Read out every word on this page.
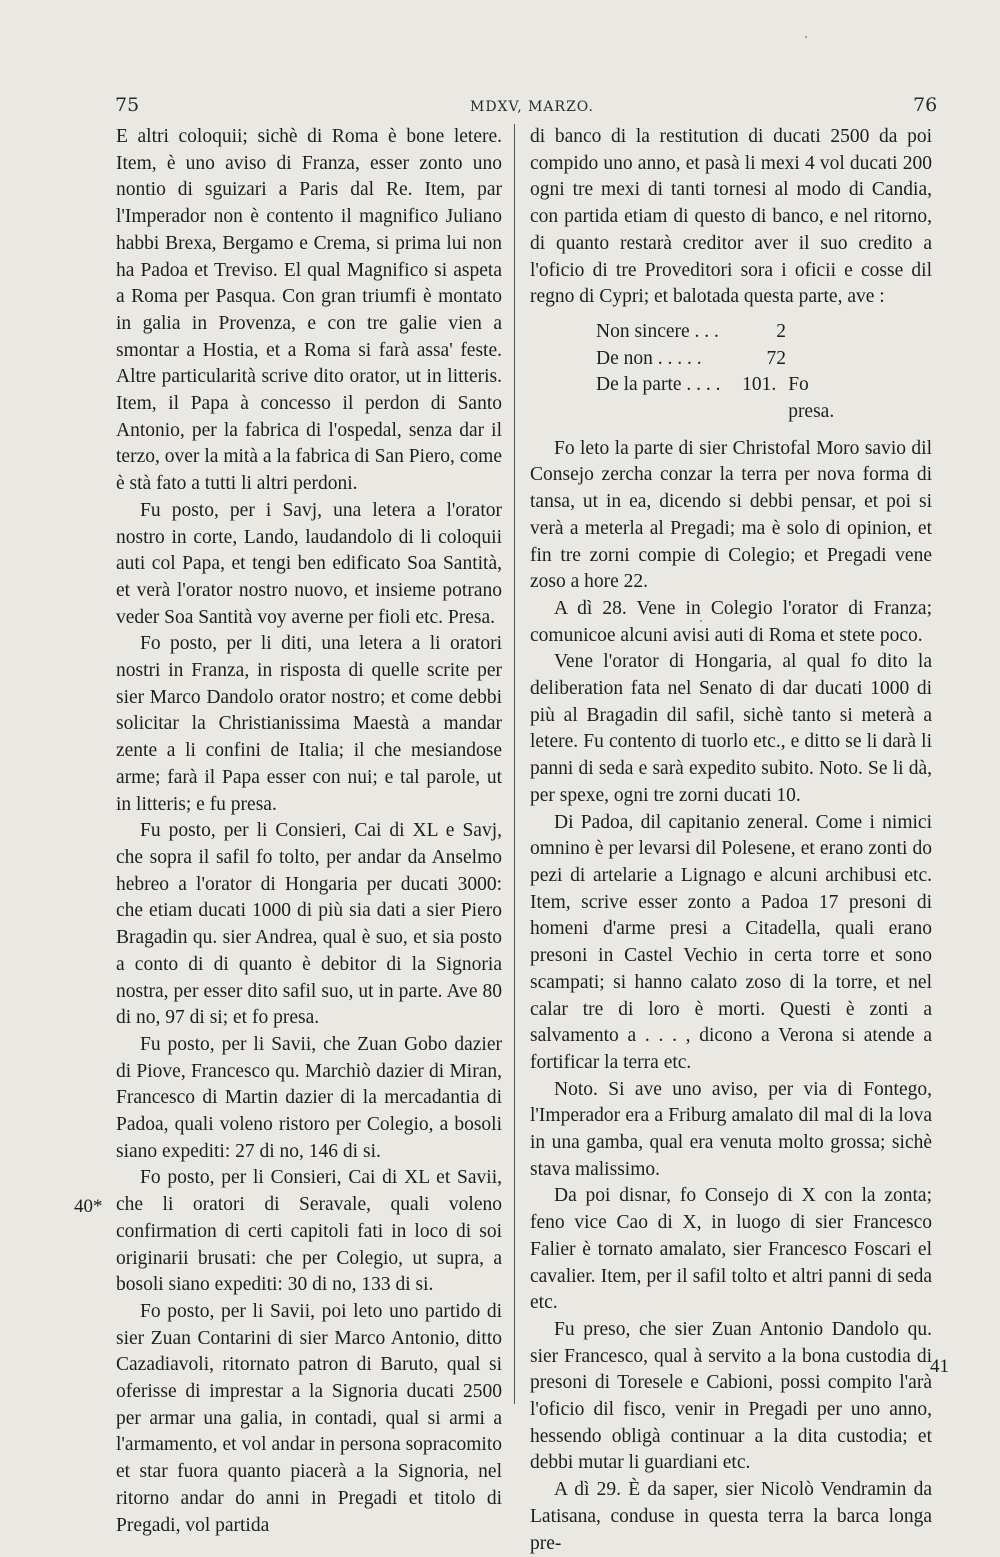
75	MDXV, MARZO.	76

E altri coloquii; sichè di Roma è bone letere. Item, è uno aviso di Franza, esser zonto uno nontio di sguizari a Paris dal Re. Item, par l'Imperador non è contento il magnifico Juliano habbi Brexa, Bergamo e Crema, si prima lui non ha Padoa et Treviso. El qual Magnifico si aspeta a Roma per Pasqua. Con gran triumfi è montato in galia in Provenza, e con tre galie vien a smontar a Hostia, et a Roma si farà assa' feste. Altre particularità scrive dito orator, ut in litteris. Item, il Papa à concesso il perdon di Santo Antonio, per la fabrica di l'ospedal, senza dar il terzo, over la mità a la fabrica di San Piero, come è stà fato a tutti li altri perdoni.

Fu posto, per i Savj, una letera a l'orator nostro in corte, Lando, laudandolo di li coloquii auti col Papa, et tengi ben edificato Soa Santità, et verà l'orator nostro nuovo, et insieme potrano veder Soa Santità voy averne per fioli etc. Presa.

Fo posto, per li diti, una letera a li oratori nostri in Franza, in risposta di quelle scrite per sier Marco Dandolo orator nostro; et come debbi solicitar la Christianissima Maestà a mandar zente a li confini de Italia; il che mesiandose arme; farà il Papa esser con nui; e tal parole, ut in litteris; e fu presa.

Fu posto, per li Consieri, Cai di XL e Savj, che sopra il safil fo tolto, per andar da Anselmo hebreo a l'orator di Hongaria per ducati 3000: che etiam ducati 1000 di più sia dati a sier Piero Bragadin qu. sier Andrea, qual è suo, et sia posto a conto di di quanto è debitor di la Signoria nostra, per esser dito safil suo, ut in parte. Ave 80 di no, 97 di si; et fo presa.

Fu posto, per li Savii, che Zuan Gobo dazier di Piove, Francesco qu. Marchiò dazier di Miran, Francesco di Martin dazier di la mercadantia di Padoa, quali voleno ristoro per Colegio, a bosoli siano expediti: 27 di no, 146 di si.

Fo posto, per li Consieri, Cai di XL et Savii, che li oratori di Seravale, quali voleno confirmation di certi capitoli fati in loco di soi originarii brusati: che per Colegio, ut supra, a bosoli siano expediti: 30 di no, 133 di si.

Fo posto, per li Savii, poi leto uno partido di sier Zuan Contarini di sier Marco Antonio, ditto Cazadiavoli, ritornato patron di Baruto, qual si oferisse di imprestar a la Signoria ducati 2500 per armar una galia, in contadi, qual si armi a l'armamento, et vol andar in persona sopracomito et star fuora quanto piacerà a la Signoria, nel ritorno andar do anni in Pregadi et titolo di Pregadi, vol partida

di banco di la restitution di ducati 2500 da poi compido uno anno, et pasà li mexi 4 vol ducati 200 ogni tre mexi di tanti tornesi al modo di Candia, con partida etiam di questo di banco, e nel ritorno, di quanto restarà creditor aver il suo credito a l'oficio di tre Proveditori sora i oficii e cosse dil regno di Cypri; et balotada questa parte, ave :

Non sincere . . .	2
De non . . . . .	72
De la parte . . . .	101. Fo presa.

Fo leto la parte di sier Christofal Moro savio dil Consejo zercha conzar la terra per nova forma di tansa, ut in ea, dicendo si debbi pensar, et poi si verà a meterla al Pregadi; ma è solo di opinion, et fin tre zorni compie di Colegio; et Pregadi vene zoso a hore 22.

A dì 28. Vene in Colegio l'orator di Franza; comunicoe alcuni avisi auti di Roma et stete poco.

Vene l'orator di Hongaria, al qual fo dito la deliberation fata nel Senato di dar ducati 1000 di più al Bragadin dil safil, sichè tanto si meterà a letere. Fu contento di tuorlo etc., e ditto se li darà li panni di seda e sarà expedito subito. Noto. Se li dà, per spexe, ogni tre zorni ducati 10.

Di Padoa, dil capitanio zeneral. Come i nimici omnino è per levarsi dil Polesene, et erano zonti do pezi di artelarie a Lignago e alcuni archibusi etc. Item, scrive esser zonto a Padoa 17 presoni di homeni d'arme presi a Citadella, quali erano presoni in Castel Vechio in certa torre et sono scampati; si hanno calato zoso di la torre, et nel calar tre di loro è morti. Questi è zonti a salvamento a . . . , dicono a Verona si atende a fortificar la terra etc.

Noto. Si ave uno aviso, per via di Fontego, l'Imperador era a Friburg amalato dil mal di la lova in una gamba, qual era venuta molto grossa; sichè stava malissimo.

Da poi disnar, fo Consejo di X con la zonta; feno vice Cao di X, in luogo di sier Francesco Falier è tornato amalato, sier Francesco Foscari el cavalier. Item, per il safil tolto et altri panni di seda etc.

Fu preso, che sier Zuan Antonio Dandolo qu. sier Francesco, qual à servito a la bona custodia di presoni di Toresele e Cabioni, possi compito l'arà l'oficio dil fisco, venir in Pregadi per uno anno, hessendo obligà continuar a la dita custodia; et debbi mutar li guardiani etc.

A dì 29. È da saper, sier Nicolò Vendramin da Latisana, conduse in questa terra la barca longa pre-

40*
41
